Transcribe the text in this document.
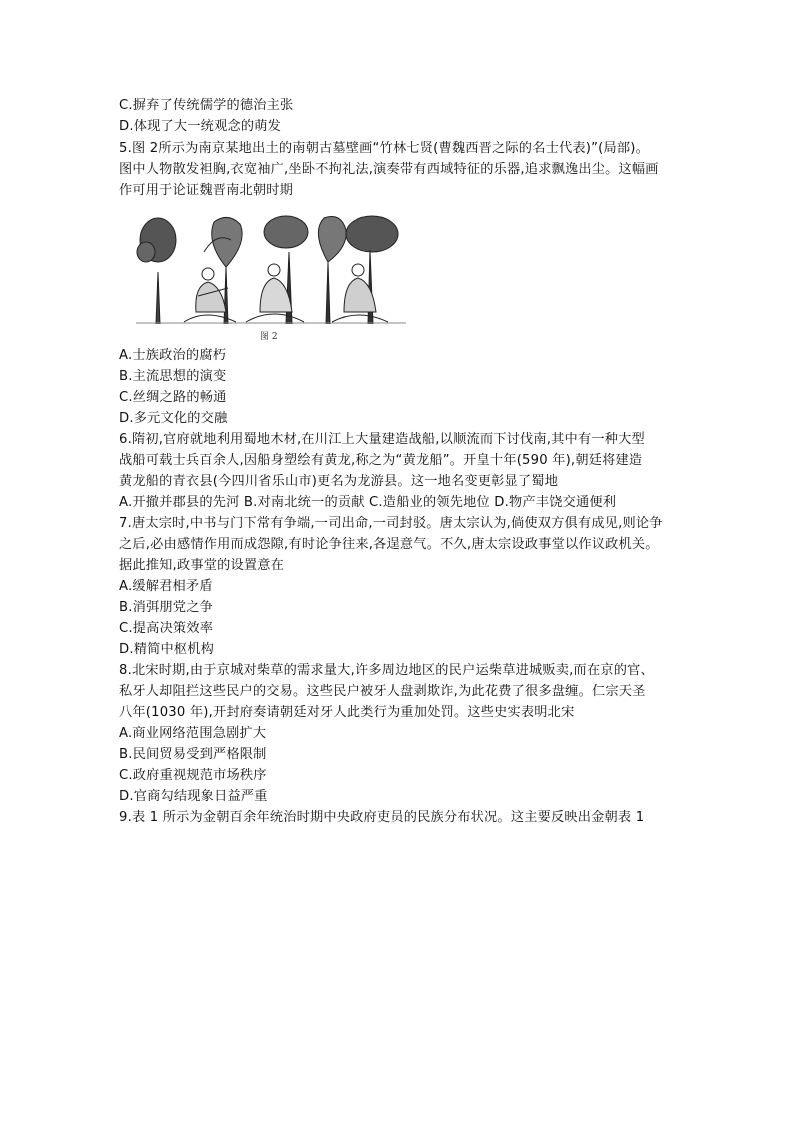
C.摒弃了传统儒学的德治主张
D.体现了大一统观念的萌发
5.图 2所示为南京某地出土的南朝古墓壁画“竹林七贤(曹魏西晋之际的名士代表)”(局部)。
图中人物散发袒胸,衣宽袖广,坐卧不拘礼法,演奏带有西域特征的乐器,追求飘逸出尘。这幅画
作可用于论证魏晋南北朝时期
图 2
A.士族政治的腐朽
B.主流思想的演变
C.丝绸之路的畅通
D.多元文化的交融
6.隋初,官府就地利用蜀地木材,在川江上大量建造战船,以顺流而下讨伐南,其中有一种大型
战船可载士兵百余人,因船身塑绘有黄龙,称之为“黄龙船”。开皇十年(590 年),朝廷将建造
黄龙船的青衣县(今四川省乐山市)更名为龙游县。这一地名变更彰显了蜀地
A.开撤并郡县的先河 B.对南北统一的贡献 C.造船业的领先地位 D.物产丰饶交通便利
7.唐太宗时,中书与门下常有争端,一司出命,一司封驳。唐太宗认为,倘使双方俱有成见,则论争
之后,必由感情作用而成怨隙,有时论争往来,各逞意气。不久,唐太宗设政事堂以作议政机关。
据此推知,政事堂的设置意在
A.缓解君相矛盾
B.消弭朋党之争
C.提高决策效率
D.精简中枢机构
8.北宋时期,由于京城对柴草的需求量大,许多周边地区的民户运柴草进城贩卖,而在京的官、
私牙人却阻拦这些民户的交易。这些民户被牙人盘剥欺诈,为此花费了很多盘缠。仁宗天圣
八年(1030 年),开封府奏请朝廷对牙人此类行为重加处罚。这些史实表明北宋
A.商业网络范围急剧扩大
B.民间贸易受到严格限制
C.政府重视规范市场秩序
D.官商勾结现象日益严重
9.表 1 所示为金朝百余年统治时期中央政府吏员的民族分布状况。这主要反映出金朝表 1
